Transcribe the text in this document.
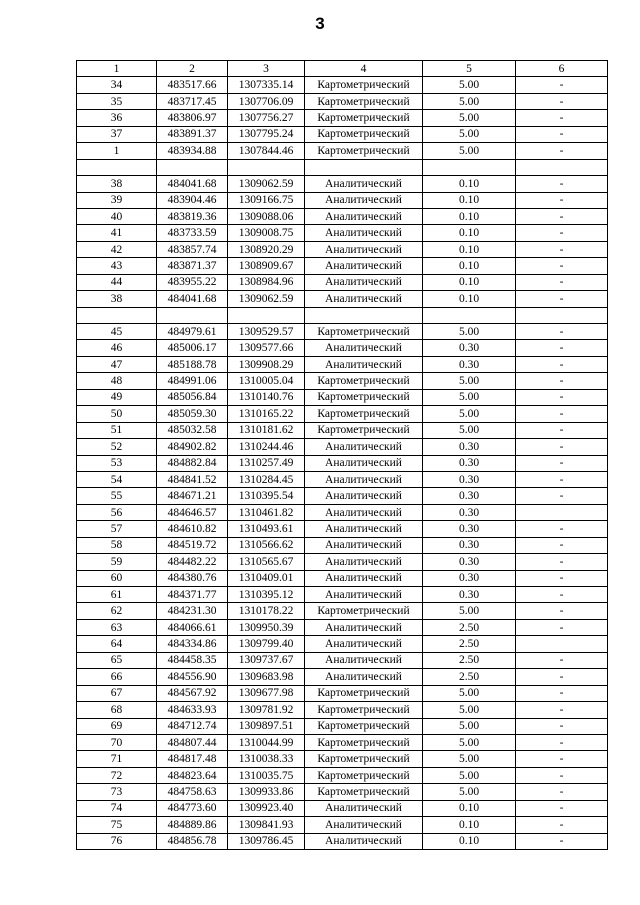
3
1	2	3	4	5	6
34	483517.66	1307335.14	Картометрический	5.00	-
35	483717.45	1307706.09	Картометрический	5.00	-
36	483806.97	1307756.27	Картометрический	5.00	-
37	483891.37	1307795.24	Картометрический	5.00	-
1	483934.88	1307844.46	Картометрический	5.00	-

38	484041.68	1309062.59	Аналитический	0.10	-
39	483904.46	1309166.75	Аналитический	0.10	-
40	483819.36	1309088.06	Аналитический	0.10	-
41	483733.59	1309008.75	Аналитический	0.10	-
42	483857.74	1308920.29	Аналитический	0.10	-
43	483871.37	1308909.67	Аналитический	0.10	-
44	483955.22	1308984.96	Аналитический	0.10	-
38	484041.68	1309062.59	Аналитический	0.10	-

45	484979.61	1309529.57	Картометрический	5.00	-
46	485006.17	1309577.66	Аналитический	0.30	-
47	485188.78	1309908.29	Аналитический	0.30	-
48	484991.06	1310005.04	Картометрический	5.00	-
49	485056.84	1310140.76	Картометрический	5.00	-
50	485059.30	1310165.22	Картометрический	5.00	-
51	485032.58	1310181.62	Картометрический	5.00	-
52	484902.82	1310244.46	Аналитический	0.30	-
53	484882.84	1310257.49	Аналитический	0.30	-
54	484841.52	1310284.45	Аналитический	0.30	-
55	484671.21	1310395.54	Аналитический	0.30	-
56	484646.57	1310461.82	Аналитический	0.30	
57	484610.82	1310493.61	Аналитический	0.30	-
58	484519.72	1310566.62	Аналитический	0.30	-
59	484482.22	1310565.67	Аналитический	0.30	-
60	484380.76	1310409.01	Аналитический	0.30	-
61	484371.77	1310395.12	Аналитический	0.30	-
62	484231.30	1310178.22	Картометрический	5.00	-
63	484066.61	1309950.39	Аналитический	2.50	-
64	484334.86	1309799.40	Аналитический	2.50	
65	484458.35	1309737.67	Аналитический	2.50	-
66	484556.90	1309683.98	Аналитический	2.50	-
67	484567.92	1309677.98	Картометрический	5.00	-
68	484633.93	1309781.92	Картометрический	5.00	-
69	484712.74	1309897.51	Картометрический	5.00	-
70	484807.44	1310044.99	Картометрический	5.00	-
71	484817.48	1310038.33	Картометрический	5.00	-
72	484823.64	1310035.75	Картометрический	5.00	-
73	484758.63	1309933.86	Картометрический	5.00	-
74	484773.60	1309923.40	Аналитический	0.10	-
75	484889.86	1309841.93	Аналитический	0.10	-
76	484856.78	1309786.45	Аналитический	0.10	-
